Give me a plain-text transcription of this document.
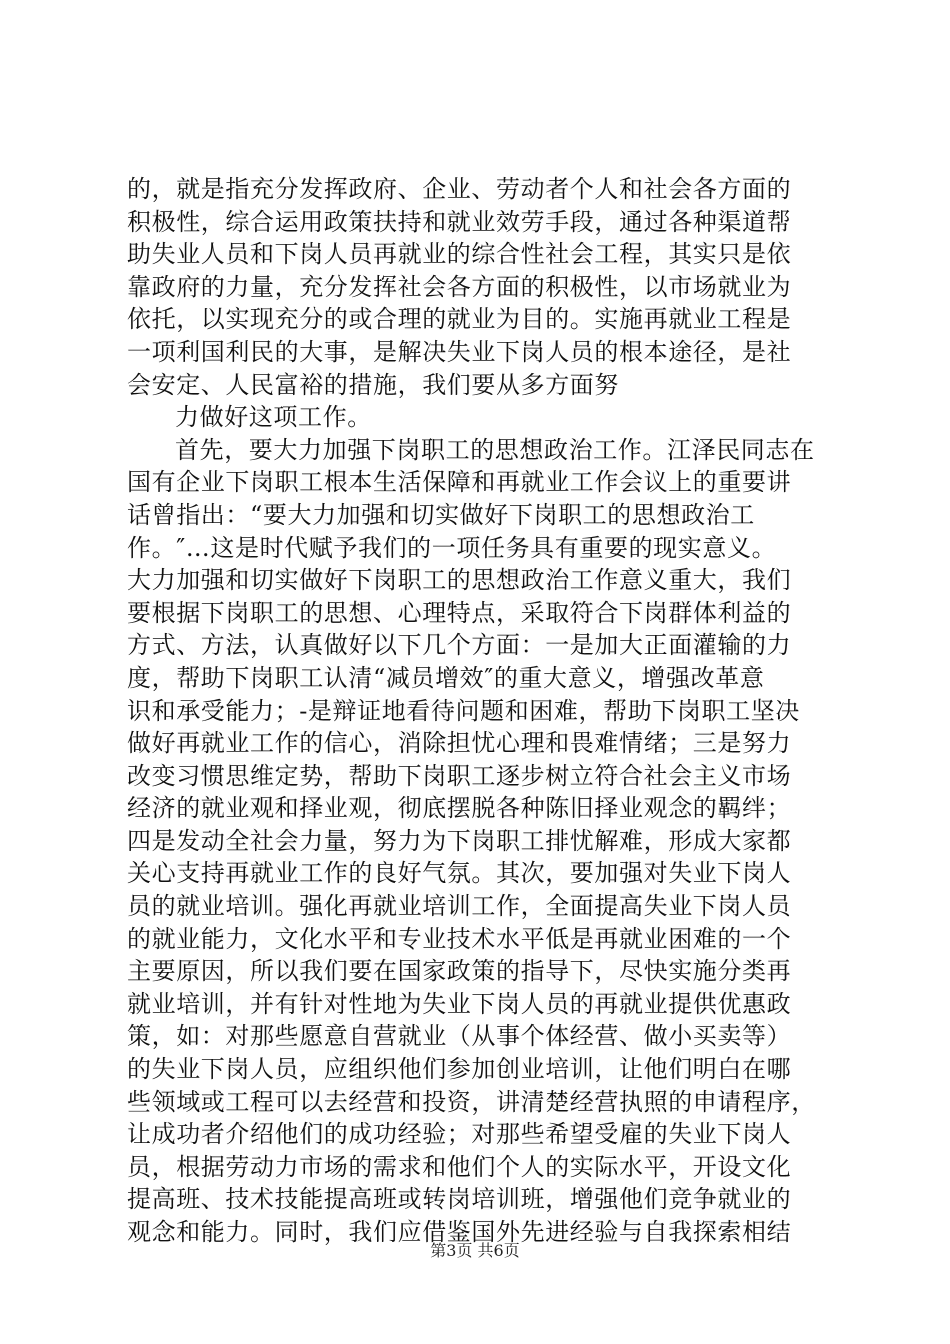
的，就是指充分发挥政府、企业、劳动者个人和社会各方面的
积极性，综合运用政策扶持和就业效劳手段，通过各种渠道帮
助失业人员和下岗人员再就业的综合性社会工程，其实只是依
靠政府的力量，充分发挥社会各方面的积极性，以市场就业为
依托，以实现充分的或合理的就业为目的。实施再就业工程是
一项利国利民的大事，是解决失业下岗人员的根本途径，是社
会安定、人民富裕的措施，我们要从多方面努
力做好这项工作。
首先，要大力加强下岗职工的思想政治工作。江泽民同志在
国有企业下岗职工根本生活保障和再就业工作会议上的重要讲
话曾指出：“要大力加强和切实做好下岗职工的思想政治工
作。″…这是时代赋予我们的一项任务具有重要的现实意义。
大力加强和切实做好下岗职工的思想政治工作意义重大，我们
要根据下岗职工的思想、心理特点，采取符合下岗群体利益的
方式、方法，认真做好以下几个方面：一是加大正面灌输的力
度，帮助下岗职工认清“减员增效″的重大意义，增强改革意
识和承受能力；-是辩证地看待问题和困难，帮助下岗职工坚决
做好再就业工作的信心，消除担忧心理和畏难情绪；三是努力
改变习惯思维定势，帮助下岗职工逐步树立符合社会主义市场
经济的就业观和择业观，彻底摆脱各种陈旧择业观念的羁绊；
四是发动全社会力量，努力为下岗职工排忧解难，形成大家都
关心支持再就业工作的良好气氛。其次，要加强对失业下岗人
员的就业培训。强化再就业培训工作，全面提高失业下岗人员
的就业能力，文化水平和专业技术水平低是再就业困难的一个
主要原因，所以我们要在国家政策的指导下，尽快实施分类再
就业培训，并有针对性地为失业下岗人员的再就业提供优惠政
策，如：对那些愿意自营就业（从事个体经营、做小买卖等）
的失业下岗人员，应组织他们参加创业培训，让他们明白在哪
些领域或工程可以去经营和投资，讲清楚经营执照的申请程序，
让成功者介绍他们的成功经验；对那些希望受雇的失业下岗人
员，根据劳动力市场的需求和他们个人的实际水平，开设文化
提高班、技术技能提高班或转岗培训班，增强他们竞争就业的
观念和能力。同时，我们应借鉴国外先进经验与自我探索相结
第3页 共6页
